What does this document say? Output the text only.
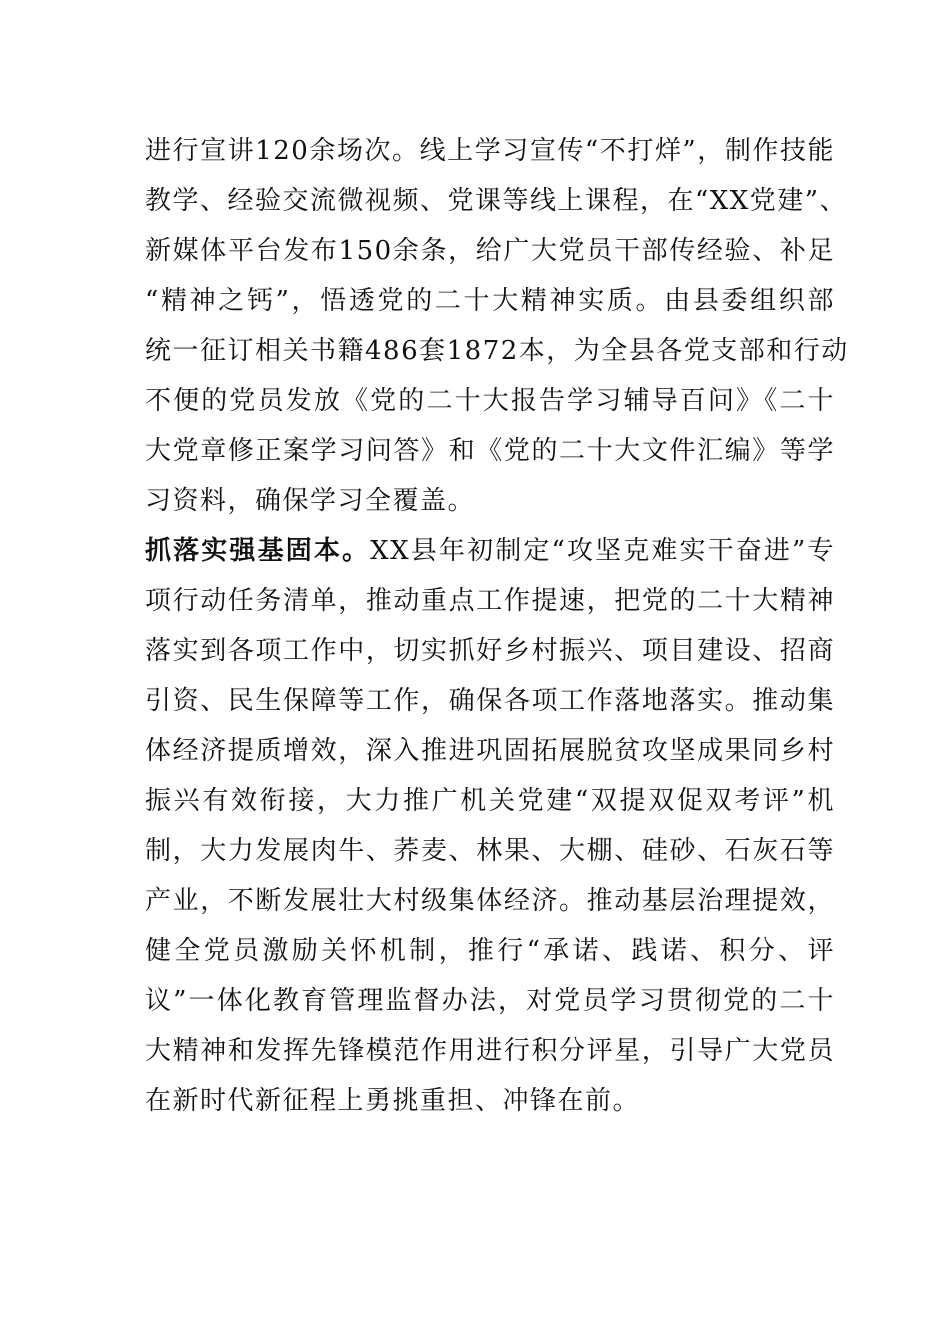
进行宣讲120余场次。线上学习宣传“不打烊”，制作技能
教学、经验交流微视频、党课等线上课程，在“XX党建”、
新媒体平台发布150余条，给广大党员干部传经验、补足
“精神之钙”，悟透党的二十大精神实质。由县委组织部
统一征订相关书籍486套1872本，为全县各党支部和行动
不便的党员发放《党的二十大报告学习辅导百问》《二十
大党章修正案学习问答》和《党的二十大文件汇编》等学
习资料，确保学习全覆盖。
抓落实强基固本。XX县年初制定“攻坚克难实干奋进”专
项行动任务清单，推动重点工作提速，把党的二十大精神
落实到各项工作中，切实抓好乡村振兴、项目建设、招商
引资、民生保障等工作，确保各项工作落地落实。推动集
体经济提质增效，深入推进巩固拓展脱贫攻坚成果同乡村
振兴有效衔接，大力推广机关党建“双提双促双考评”机
制，大力发展肉牛、荞麦、林果、大棚、硅砂、石灰石等
产业，不断发展壮大村级集体经济。推动基层治理提效，
健全党员激励关怀机制，推行“承诺、践诺、积分、评
议”一体化教育管理监督办法，对党员学习贯彻党的二十
大精神和发挥先锋模范作用进行积分评星，引导广大党员
在新时代新征程上勇挑重担、冲锋在前。
